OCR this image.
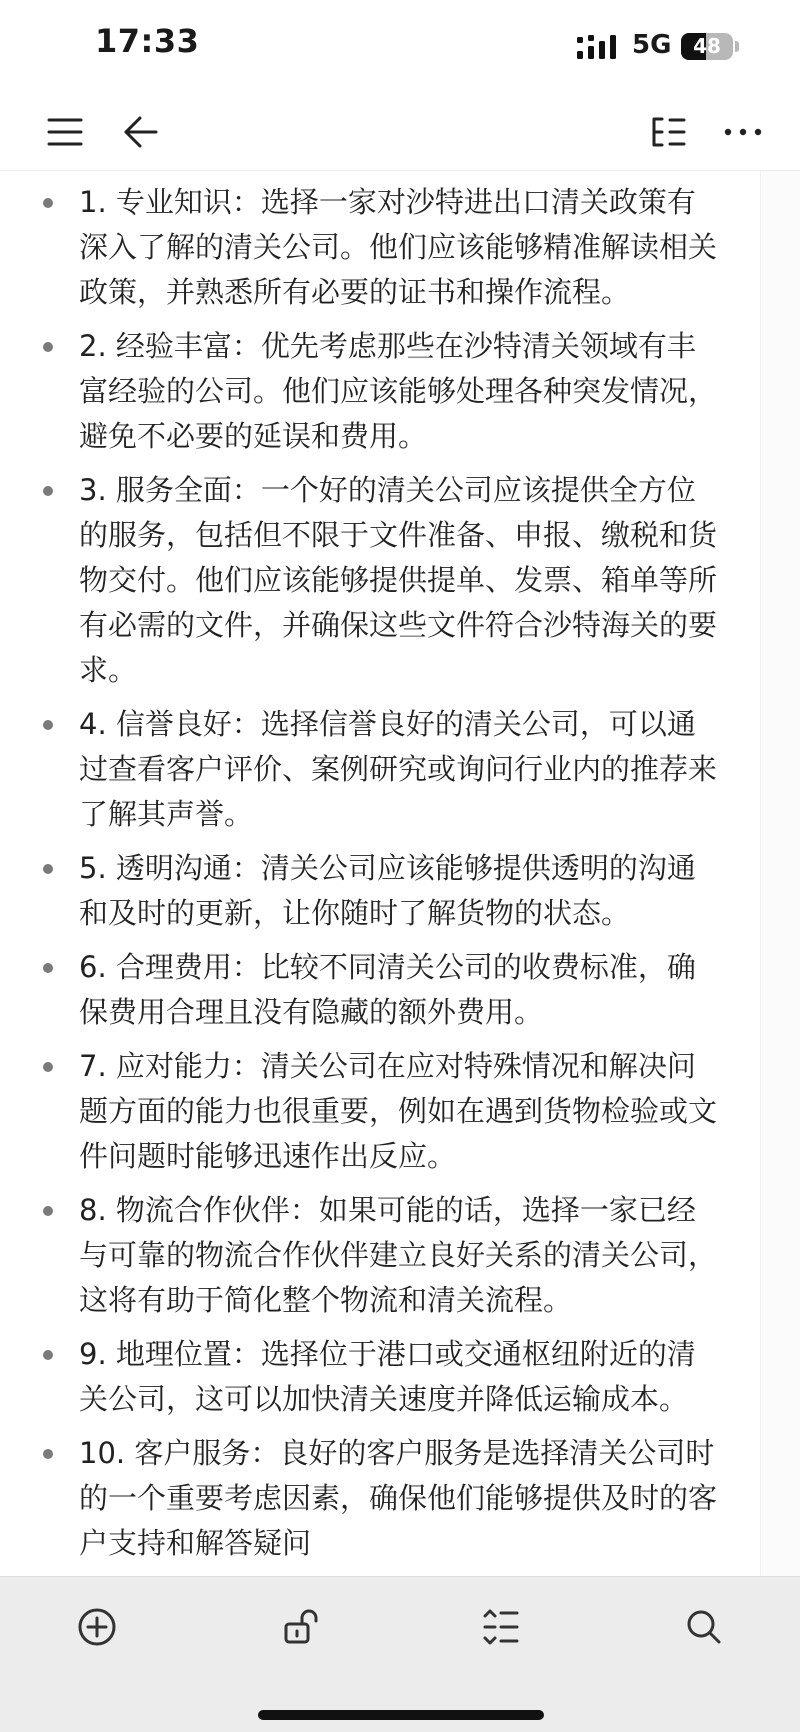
17:33	5G	48
1. 专业知识：选择一家对沙特进出口清关政策有深入了解的清关公司。他们应该能够精准解读相关政策，并熟悉所有必要的证书和操作流程。
2. 经验丰富：优先考虑那些在沙特清关领域有丰富经验的公司。他们应该能够处理各种突发情况，避免不必要的延误和费用。
3. 服务全面：一个好的清关公司应该提供全方位的服务，包括但不限于文件准备、申报、缴税和货物交付。他们应该能够提供提单、发票、箱单等所有必需的文件，并确保这些文件符合沙特海关的要求。
4. 信誉良好：选择信誉良好的清关公司，可以通过查看客户评价、案例研究或询问行业内的推荐来了解其声誉。
5. 透明沟通：清关公司应该能够提供透明的沟通和及时的更新，让你随时了解货物的状态。
6. 合理费用：比较不同清关公司的收费标准，确保费用合理且没有隐藏的额外费用。
7. 应对能力：清关公司在应对特殊情况和解决问题方面的能力也很重要，例如在遇到货物检验或文件问题时能够迅速作出反应。
8. 物流合作伙伴：如果可能的话，选择一家已经与可靠的物流合作伙伴建立良好关系的清关公司，这将有助于简化整个物流和清关流程。
9. 地理位置：选择位于港口或交通枢纽附近的清关公司，这可以加快清关速度并降低运输成本。
10. 客户服务：良好的客户服务是选择清关公司时的一个重要考虑因素，确保他们能够提供及时的客户支持和解答疑问
